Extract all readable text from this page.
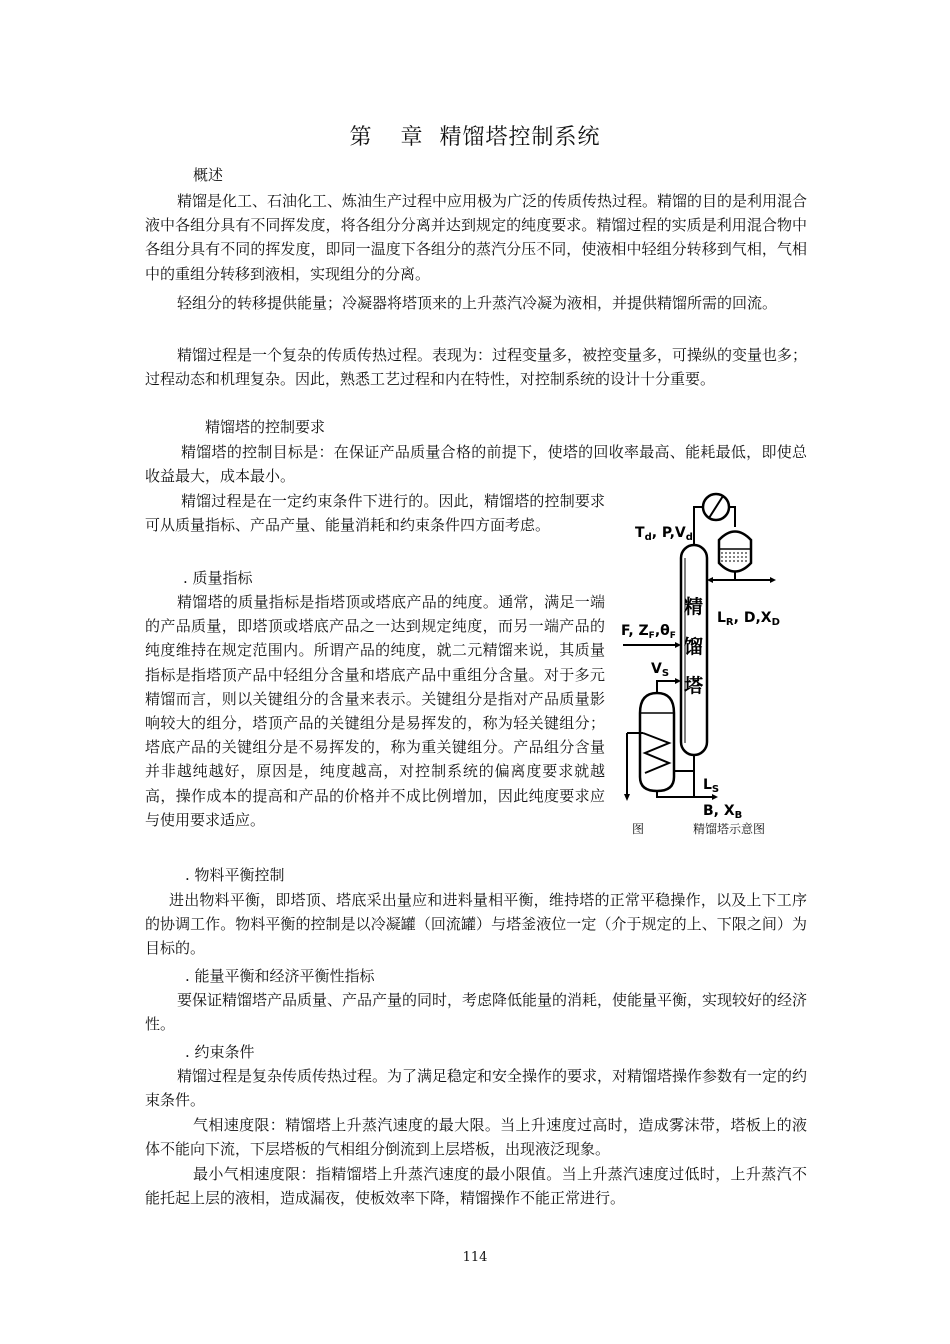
第 章 精馏塔控制系统
概述

精馏是化工、石油化工、炼油生产过程中应用极为广泛的传质传热过程。精馏的目的是利用混合液中各组分具有不同挥发度，将各组分分离并达到规定的纯度要求。精馏过程的实质是利用混合物中各组分具有不同的挥发度，即同一温度下各组分的蒸汽分压不同，使液相中轻组分转移到气相，气相中的重组分转移到液相，实现组分的分离。

轻组分的转移提供能量；冷凝器将塔顶来的上升蒸汽冷凝为液相，并提供精馏所需的回流。

精馏过程是一个复杂的传质传热过程。表现为：过程变量多，被控变量多，可操纵的变量也多；过程动态和机理复杂。因此，熟悉工艺过程和内在特性，对控制系统的设计十分重要。

精馏塔的控制要求

精馏塔的控制目标是：在保证产品质量合格的前提下，使塔的回收率最高、能耗最低，即使总收益最大，成本最小。

精馏过程是在一定约束条件下进行的。因此，精馏塔的控制要求可从质量指标、产品产量、能量消耗和约束条件四方面考虑。

. 质量指标

精馏塔的质量指标是指塔顶或塔底产品的纯度。通常，满足一端的产品质量，即塔顶或塔底产品之一达到规定纯度，而另一端产品的纯度维持在规定范围内。所谓产品的纯度，就二元精馏来说，其质量指标是指塔顶产品中轻组分含量和塔底产品中重组分含量。对于多元精馏而言，则以关键组分的含量来表示。关键组分是指对产品质量影响较大的组分，塔顶产品的关键组分是易挥发的，称为轻关键组分；塔底产品的关键组分是不易挥发的，称为重关键组分。产品组分含量并非越纯越好，原因是，纯度越高，对控制系统的偏离度要求就越高，操作成本的提高和产品的价格并不成比例增加，因此纯度要求应与使用要求适应。

. 物料平衡控制

进出物料平衡，即塔顶、塔底采出量应和进料量相平衡，维持塔的正常平稳操作，以及上下工序的协调工作。物料平衡的控制是以冷凝罐（回流罐）与塔釜液位一定（介于规定的上、下限之间）为目标的。

. 能量平衡和经济平衡性指标

要保证精馏塔产品质量、产品产量的同时，考虑降低能量的消耗，使能量平衡，实现较好的经济性。

. 约束条件

精馏过程是复杂传质传热过程。为了满足稳定和安全操作的要求，对精馏塔操作参数有一定的约束条件。

气相速度限：精馏塔上升蒸汽速度的最大限。当上升速度过高时，造成雾沫带，塔板上的液体不能向下流，下层塔板的气相组分倒流到上层塔板，出现液泛现象。

最小气相速度限：指精馏塔上升蒸汽速度的最小限值。当上升蒸汽速度过低时，上升蒸汽不能托起上层的液相，造成漏夜，使板效率下降，精馏操作不能正常进行。

精
馏
塔
$T_d$, $P,V_d$
$L_R$, $D,X_D$
F, $Z_F,\theta_F$
$V_S$
$L_S$
B, $X_B$
图	精馏塔示意图
114
